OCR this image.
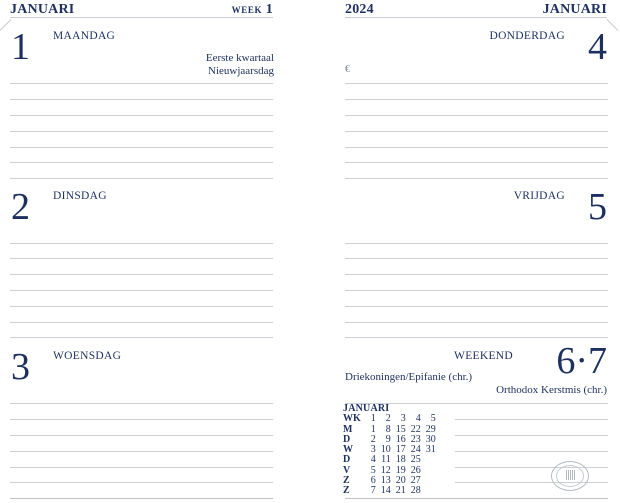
JANUARI	WEEK 1
1 MAANDAG
Eerste kwartaal
Nieuwjaarsdag
2 DINSDAG
3 WOENSDAG
2024	JANUARI
4
DONDERDAG
€
5
VRIJDAG
6·7
WEEKEND
Driekoningen/Epifanie (chr.)
Orthodox Kerstmis (chr.)
JANUARI
WK	1	2	3	4	5
M	1	8	15	22	29
D	2	9	16	23	30
W	3	10	17	24	31
D	4	11	18	25	
V	5	12	19	26	
Z	6	13	20	27	
Z	7	14	21	28	
